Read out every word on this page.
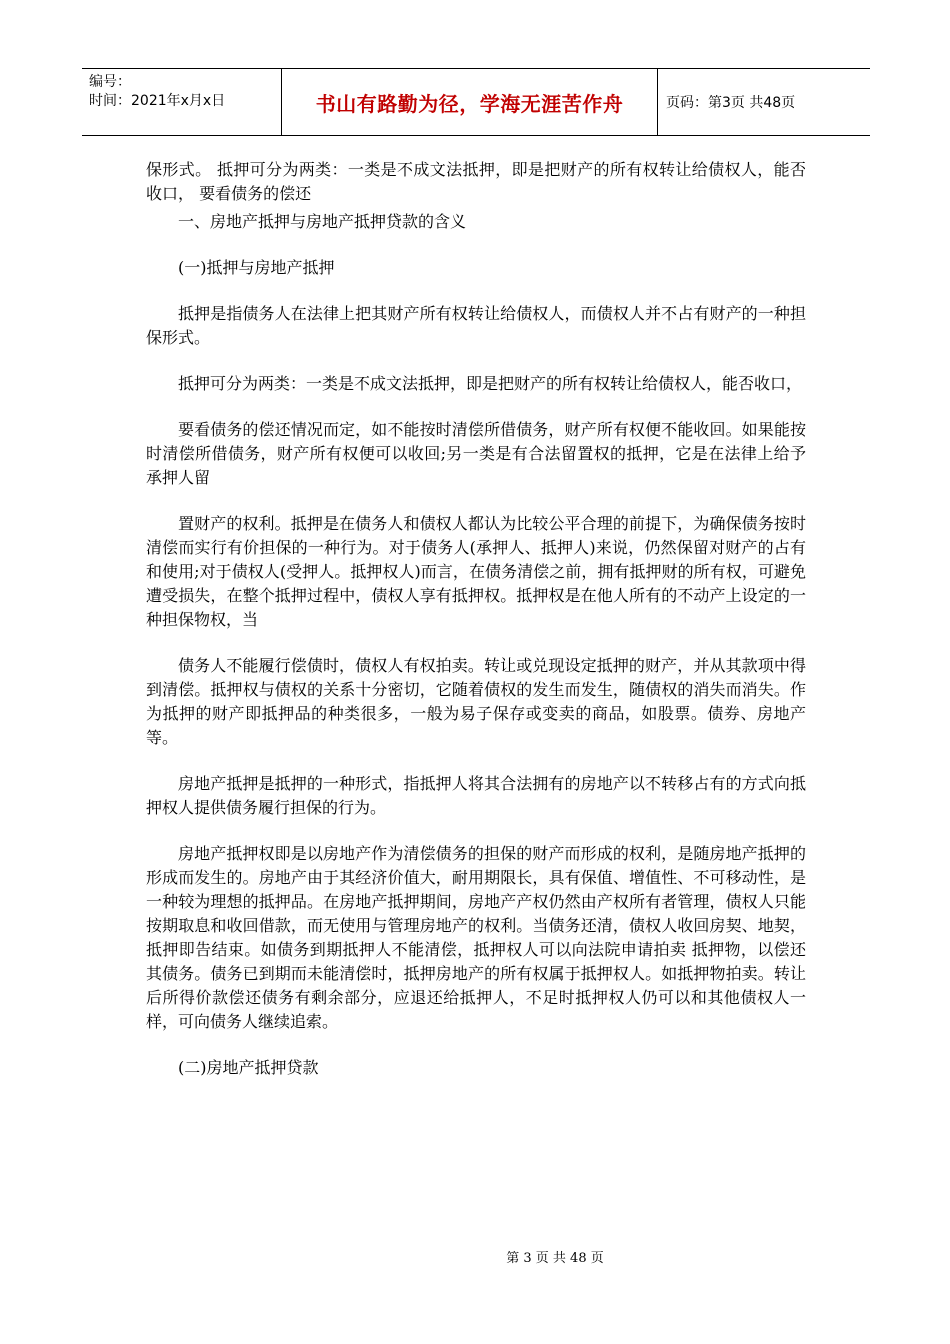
编号：
时间：2021年x月x日	书山有路勤为径，学海无涯苦作舟	页码：第3页 共48页

保形式。 抵押可分为两类：一类是不成文法抵押，即是把财产的所有权转让给债权人，能否收口， 要看债务的偿还

一、房地产抵押与房地产抵押贷款的含义

(一)抵押与房地产抵押

抵押是指债务人在法律上把其财产所有权转让给债权人，而债权人并不占有财产的一种担保形式。

抵押可分为两类：一类是不成文法抵押，即是把财产的所有权转让给债权人，能否收口，

要看债务的偿还情况而定，如不能按时清偿所借债务，财产所有权便不能收回。如果能按时清偿所借债务，财产所有权便可以收回;另一类是有合法留置权的抵押，它是在法律上给予承押人留

置财产的权利。抵押是在债务人和债权人都认为比较公平合理的前提下，为确保债务按时清偿而实行有价担保的一种行为。对于债务人(承押人、抵押人)来说，仍然保留对财产的占有和使用;对于债权人(受押人。抵押权人)而言，在债务清偿之前，拥有抵押财的所有权，可避免遭受损失，在整个抵押过程中，债权人享有抵押权。抵押权是在他人所有的不动产上设定的一种担保物权，当

债务人不能履行偿债时，债权人有权拍卖。转让或兑现设定抵押的财产，并从其款项中得到清偿。抵押权与债权的关系十分密切，它随着债权的发生而发生，随债权的消失而消失。作为抵押的财产即抵押品的种类很多，一般为易子保存或变卖的商品，如股票。债券、房地产等。

房地产抵押是抵押的一种形式，指抵押人将其合法拥有的房地产以不转移占有的方式向抵押权人提供债务履行担保的行为。

房地产抵押权即是以房地产作为清偿债务的担保的财产而形成的权利，是随房地产抵押的形成而发生的。房地产由于其经济价值大，耐用期限长，具有保值、增值性、不可移动性，是一种较为理想的抵押品。在房地产抵押期间，房地产产权仍然由产权所有者管理，债权人只能按期取息和收回借款，而无使用与管理房地产的权利。当债务还清，债权人收回房契、地契，抵押即告结束。如债务到期抵押人不能清偿，抵押权人可以向法院申请拍卖 抵押物，以偿还其债务。债务已到期而未能清偿时，抵押房地产的所有权属于抵押权人。如抵押物拍卖。转让后所得价款偿还债务有剩余部分，应退还给抵押人，不足时抵押权人仍可以和其他债权人一样，可向债务人继续追索。

(二)房地产抵押贷款

第 3 页 共 48 页
